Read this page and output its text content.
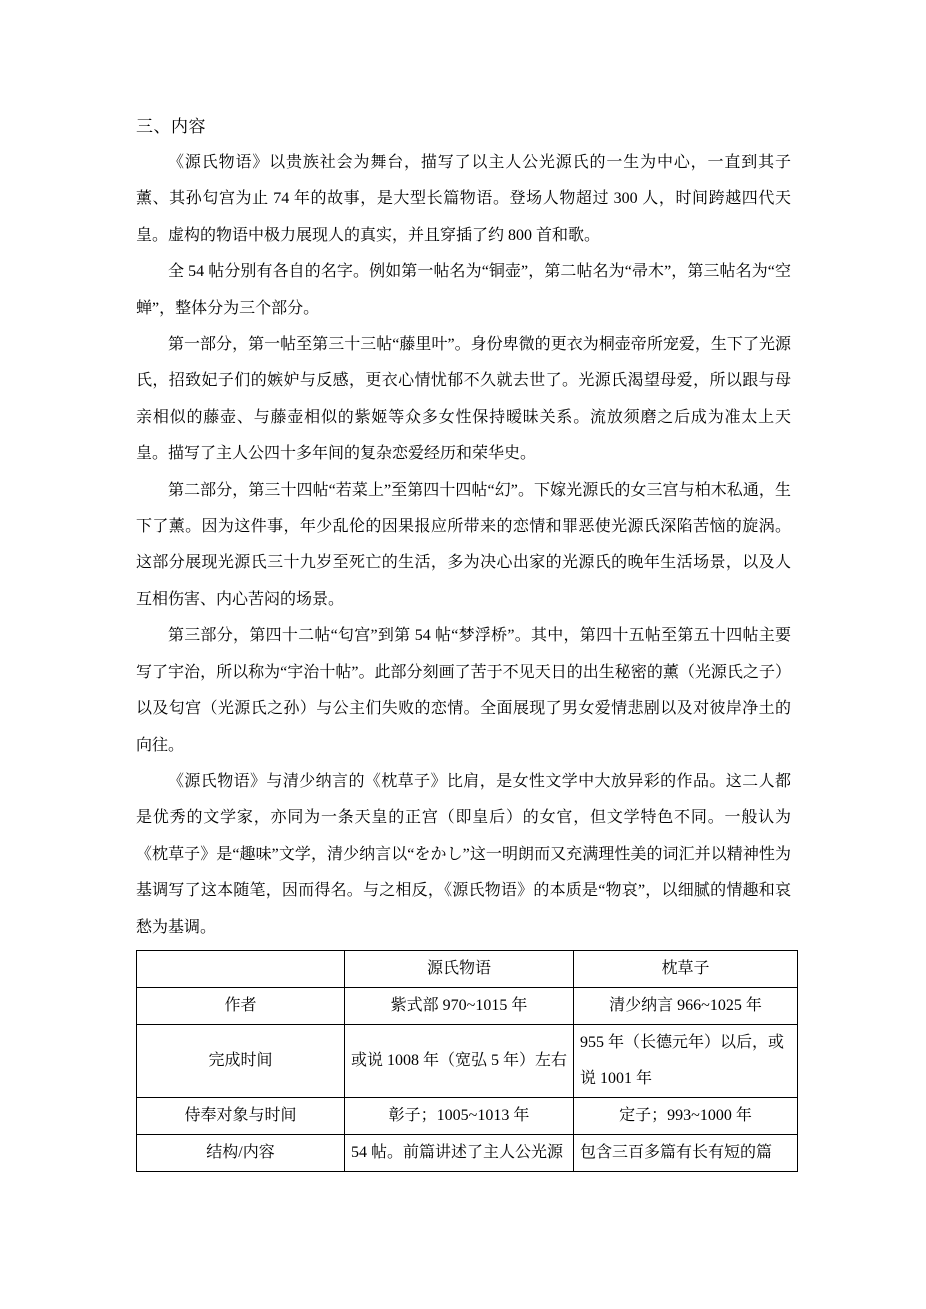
三、内容

《源氏物语》以贵族社会为舞台，描写了以主人公光源氏的一生为中心，一直到其子薰、其孙匂宫为止 74 年的故事，是大型长篇物语。登场人物超过 300 人，时间跨越四代天皇。虚构的物语中极力展现人的真实，并且穿插了约 800 首和歌。

全 54 帖分别有各自的名字。例如第一帖名为“铜壶”，第二帖名为“帚木”，第三帖名为“空蝉”，整体分为三个部分。

第一部分，第一帖至第三十三帖“藤里叶”。身份卑微的更衣为桐壶帝所宠爱，生下了光源氏，招致妃子们的嫉妒与反感，更衣心情忧郁不久就去世了。光源氏渴望母爱，所以跟与母亲相似的藤壶、与藤壶相似的紫姬等众多女性保持暧昧关系。流放须磨之后成为准太上天皇。描写了主人公四十多年间的复杂恋爱经历和荣华史。

第二部分，第三十四帖“若菜上”至第四十四帖“幻”。下嫁光源氏的女三宫与柏木私通，生下了薰。因为这件事，年少乱伦的因果报应所带来的恋情和罪恶使光源氏深陷苦恼的旋涡。这部分展现光源氏三十九岁至死亡的生活，多为决心出家的光源氏的晚年生活场景，以及人互相伤害、内心苦闷的场景。

第三部分，第四十二帖“匂宫”到第 54 帖“梦浮桥”。其中，第四十五帖至第五十四帖主要写了宇治，所以称为“宇治十帖”。此部分刻画了苦于不见天日的出生秘密的薰（光源氏之子）以及匂宫（光源氏之孙）与公主们失败的恋情。全面展现了男女爱情悲剧以及对彼岸净土的向往。

《源氏物语》与清少纳言的《枕草子》比肩，是女性文学中大放异彩的作品。这二人都是优秀的文学家，亦同为一条天皇的正宫（即皇后）的女官，但文学特色不同。一般认为《枕草子》是“趣味”文学，清少纳言以“をかし”这一明朗而又充满理性美的词汇并以精神性为基调写了这本随笔，因而得名。与之相反，《源氏物语》的本质是“物哀”，以细腻的情趣和哀愁为基调。

	源氏物语	枕草子
作者	紫式部 970~1015 年	清少纳言 966~1025 年
完成时间	或说 1008 年（宽弘 5 年）左右	955 年（长德元年）以后，或说 1001 年
侍奉对象与时间	彰子；1005~1013 年	定子；993~1000 年
结构/内容	54 帖。前篇讲述了主人公光源	包含三百多篇有长有短的篇
